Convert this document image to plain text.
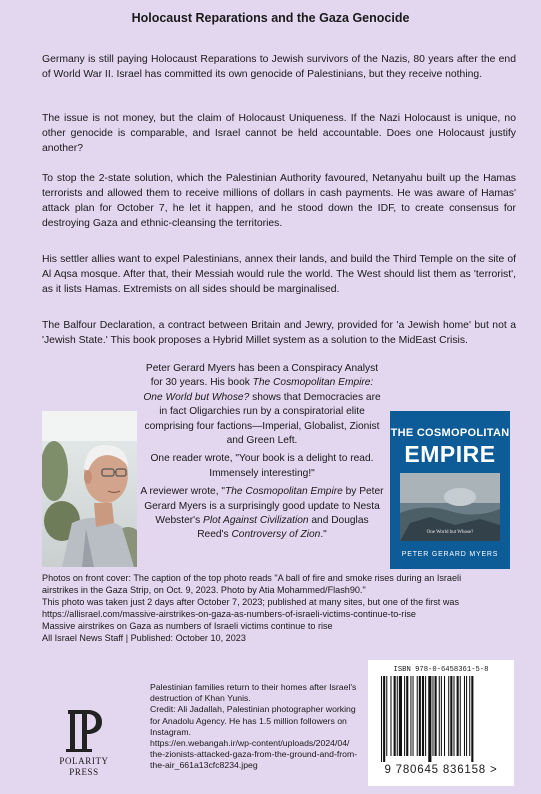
Holocaust Reparations and the Gaza Genocide

Germany is still paying Holocaust Reparations to Jewish survivors of the Nazis, 80 years after the end of World War II. Israel has committed its own genocide of Palestinians, but they receive nothing.

The issue is not money, but the claim of Holocaust Uniqueness. If the Nazi Holocaust is unique, no other genocide is comparable, and Israel cannot be held accountable. Does one Holocaust justify another?

To stop the 2-state solution, which the Palestinian Authority favoured, Netanyahu built up the Hamas terrorists and allowed them to receive millions of dollars in cash payments. He was aware of Hamas' attack plan for October 7, he let it happen, and he stood down the IDF, to create consensus for destroying Gaza and ethnic-cleansing the territories.

His settler allies want to expel Palestinians, annex their lands, and build the Third Temple on the site of Al Aqsa mosque. After that, their Messiah would rule the world. The West should list them as 'terrorist', as it lists Hamas. Extremists on all sides should be marginalised.

The Balfour Declaration, a contract between Britain and Jewry, provided for 'a Jewish home' but not a 'Jewish State.' This book proposes a Hybrid Millet system as a solution to the MidEast Crisis.

Peter Gerard Myers has been a Conspiracy Analyst for 30 years. His book The Cosmopolitan Empire: One World but Whose? shows that Democracies are in fact Oligarchies run by a conspiratorial elite comprising four factions—Imperial, Globalist, Zionist and Green Left.

One reader wrote, "Your book is a delight to read. Immensely interesting!"

A reviewer wrote, "The Cosmopolitan Empire by Peter Gerard Myers is a surprisingly good update to Nesta Webster's Plot Against Civilization and Douglas Reed's Controversy of Zion."

THE COSMOPOLITAN
EMPIRE
One World but Whose?
PETER GERARD MYERS
Photos on front cover: The caption of the top photo reads "A ball of fire and smoke rises during an Israeli
airstrikes in the Gaza Strip, on Oct. 9, 2023. Photo by Atia Mohammed/Flash90."
This photo was taken just 2 days after October 7, 2023; published at many sites, but one of the first was
https://allisrael.com/massive-airstrikes-on-gaza-as-numbers-of-israeli-victims-continue-to-rise
Massive airstrikes on Gaza as numbers of Israeli victims continue to rise
All Israel News Staff | Published: October 10, 2023
POLARITY
PRESS
Palestinian families return to their homes after Israel's
destruction of Khan Yunis.
Credit: Ali Jadallah, Palestinian photographer working
for Anadolu Agency. He has 1.5 million followers on
Instagram.
https://en.webangah.ir/wp-content/uploads/2024/04/
the-zionists-attacked-gaza-from-the-ground-and-from-
the-air_661a13cfc8234.jpeg
ISBN 978-0-6458361-5-8
9 780645 836158 >
